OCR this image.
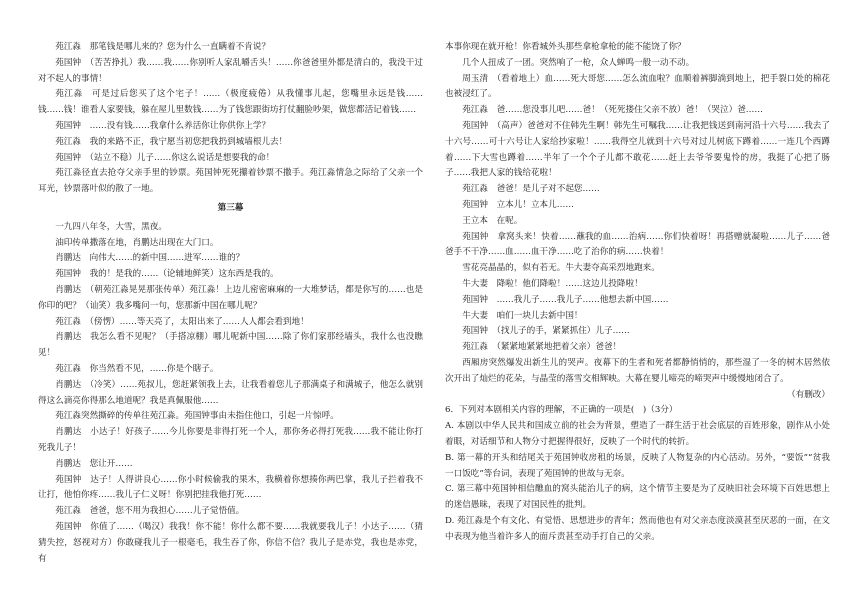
苑江淼　那笔钱是哪儿来的？您为什么一直瞒着不肯说？

苑国钟　（苦苦挣扎）我……我……你别听人家乱嚼舌头！……你爸爸里外都是清白的，我没干过对不起人的事情！

苑江淼　可是过后您买了这个宅子！……（极度疲倦）从我懂事儿起，您嘴里永远是钱……钱……钱！谁看人家要钱，躲在屋儿里数钱……为了钱您跟街坊打仗翻脸吵架，做您都活记着钱……

苑国钟　……没有钱……我拿什么养活你让你供你上学？

苑江淼　我的来路不正，我宁愿当初您把我扔到城墙根儿去！

苑国钟　（站立不稳）儿子……你这么说话是想要我的命！

苑江淼径直去抢夺父亲手里的钞票。苑国钟死死攥着钞票不撒手。苑江淼情急之际给了父亲一个耳光，钞票落叶似的散了一地。

第三幕

一九四八年冬，大雪，黑夜。

油印传单撒落在地，肖鹏达出现在大门口。

肖鹏达　向伟大……的新中国……进军……谁的？

苑国钟　我的！是我的……（论辅地鲜笑）这东西是我的。

肖鹏达　（朝苑江淼晃晃那张传单）苑江淼！上边儿密密麻麻的一大堆梦话，都是你写的……也是你印的吧？（讪笑）我多嘴问一句，您那新中国在哪儿呢？

苑江淼　（傍愣）……等天亮了，太阳出来了……人人都会看到地！

肖鹏达　我怎么看不见呢？（手搭凉棚）哪儿呢新中国……除了你们家那经墙头，我什么也没瞧见！

苑江淼　你当然看不见，……你是个瞎子。

肖鹏达　（冷笑）……苑叔儿，您赶紧领我上去，让我看着您儿子那满桌子和满城子，他怎么就别得这么滴亮你得那么地道呢？我是真佩服他……

苑江淼突然撕碎的传单往苑江淼。苑国钟事由未指住他口，引起一片惊呼。

肖鹏达　小达子！好孩子……今儿你要是非得打死一个人，那你务必得打死我……我不能让你打死我儿子！

肖鹏达　您让开……

苑国钟　达子！人得讲良心……你小时候偷我的果木，我横着你想揍你两巴掌，我儿子拦着我不让打，他怕你疼……我儿子仁义呀！你别把挂我他打死……

苑江淼　爸爸，您不用为我担心……儿子觉悟值。

苑国钟　你值了……（喝汉）我我！你不能！你什么都不要……我就要我儿子！小达子……（猜猜失控，怒视对方）你敢碰我儿子一根毫毛，我生吞了你，你信不信？我儿子是赤党，我也是赤党，有

本事你现在就开枪！你看城外头那些拿枪拿枪的能不能饶了你？

几个人扭成了一团。突然响了一枪，众人蝉鸣一般一动不动。

周玉清　（看着地上）血……死大哥您……怎么流血啦？血顺着裤脚淌到地上，把手裂口处的棉花也被浸红了。

苑江淼　爸……您没事儿吧……爸！（死死搂住父亲不放）爸！（哭泣）爸……

苑国钟　（高声）爸爸对不住韩先生啊！韩先生可嘱我……让我把钱送到南河沿十六号……我去了十六号……可十六号让人家给抄家啦！……我得空儿就到十六号对过儿树底下蹲着……一连几个西蹲着……下大雪也蹲着……半年了一个个子儿都不敢花……赶上去爷爷要鬼怜的房，我挺了心把了肠子……我把人家的钱给花啦！

苑江淼　爸爸！是儿子对不起您……

苑国钟　立本儿！立本儿……

王立本　在呢。

苑国钟　拿窝头来！快着……蘸我的血……治病……你们快着呀！再搭赠就凝啦……儿子……爸爸手不干净……血……血干净……吃了治你的病……快着！

雪花亮晶晶的，似有若无。牛大妻夺高采烈地跑来。

牛大妻　降啦！他们降啦！……这边儿投降啦！

苑国钟　……我儿子……我儿子……他想去新中国……

牛大妻　咱们一块儿去新中国！

苑国钟　（找儿子的手，紧紧抓住）儿子……

苑江淼　（紧紧地紧紧地把着父亲）爸爸！

西厢房突然爆发出新生儿的哭声。夜幕下的生者和死者都静悄悄的，那些湿了一冬的树木居然依次开出了灿烂的花朵，与晶莹的落雪交相辉映。大幕在婴儿啼亮的啼哭声中缓慢地闭合了。

（有删改）

6．下列对本剧相关内容的理解，不正确的一项是(　)（3分）

A. 本剧以中华人民共和国成立前的社会为背景，塑造了一群生活于社会底层的百姓形象，剧作从小处着眼，对话细节和人物分寸把握得很好，反映了一个时代的转折。

B. 第一幕的开头和结尾关于苑国钟收房租的场景，反映了人物复杂的内心活动。另外，“要饭”“贫我一口饭吃”等台词，表现了苑国钟的世故与无奈。

C. 第三幕中苑国钟相信醮血的窝头能治儿子的病，这个情节主要是为了反映旧社会环境下百姓思想上的迷信愚昧，表现了对国民性的批判。

D. 苑江淼是个有文化、有觉悟、思想进步的青年；然而他也有对父亲态度淡漠甚至厌恶的一面，在文中表现为他当着许多人的面斥责甚至动手打自己的父亲。
